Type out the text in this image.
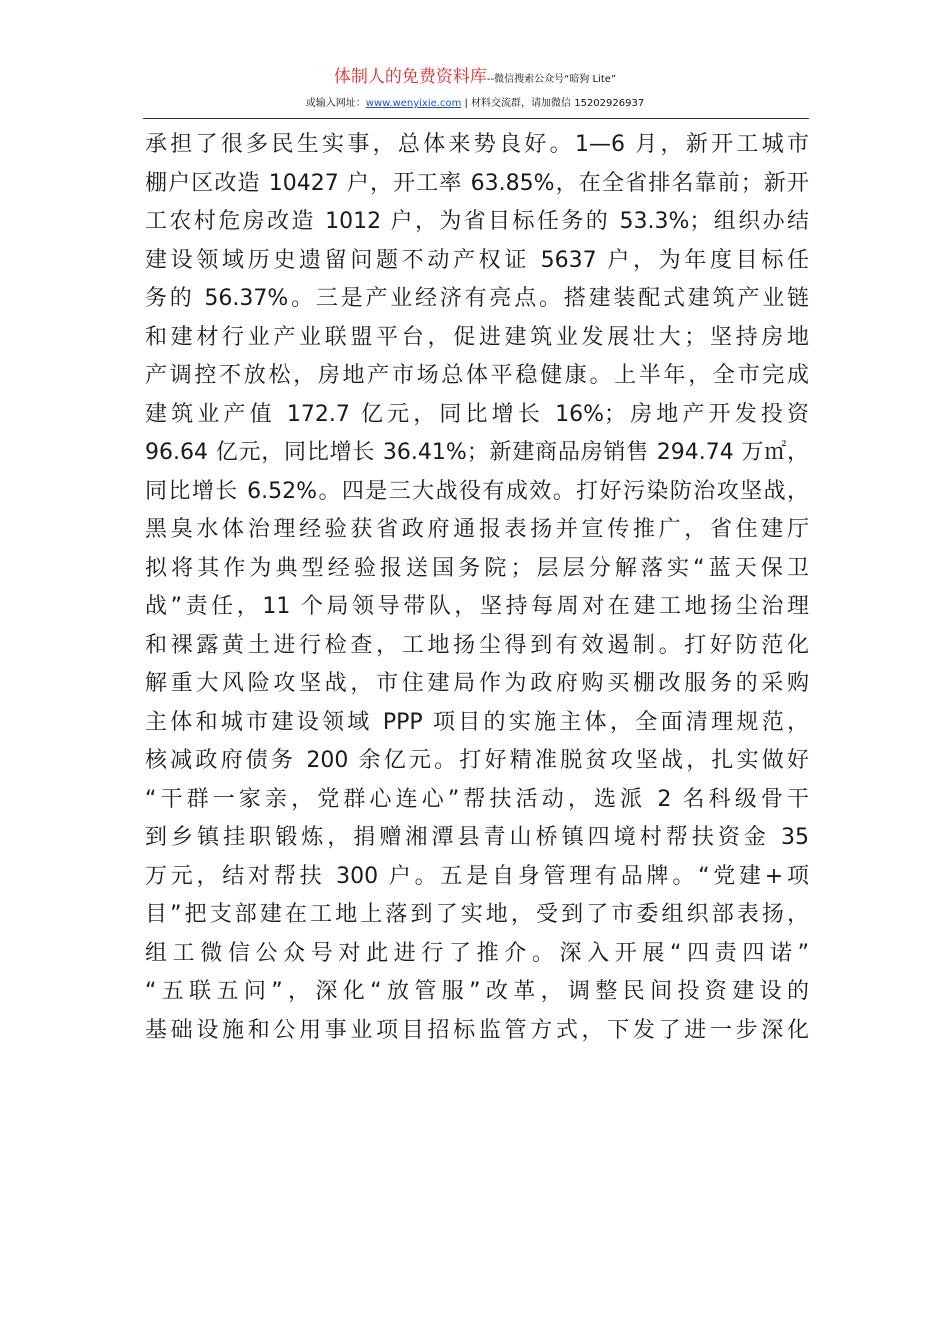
体制人的免费资料库--微信搜索公众号“暗狗 Lite”
或输入网址：www.wenyixie.com | 材料交流群，请加微信 15202926937
承担了很多民生实事，总体来势良好。1—6 月，新开工城市
棚户区改造 10427 户，开工率 63.85%，在全省排名靠前；新开
工农村危房改造 1012 户，为省目标任务的 53.3%；组织办结
建设领域历史遗留问题不动产权证 5637 户，为年度目标任
务的 56.37%。三是产业经济有亮点。搭建装配式建筑产业链
和建材行业产业联盟平台，促进建筑业发展壮大；坚持房地
产调控不放松，房地产市场总体平稳健康。上半年，全市完成
建筑业产值 172.7 亿元，同比增长 16%；房地产开发投资
96.64 亿元，同比增长 36.41%；新建商品房销售 294.74 万㎡，
同比增长 6.52%。四是三大战役有成效。打好污染防治攻坚战，
黑臭水体治理经验获省政府通报表扬并宣传推广，省住建厅
拟将其作为典型经验报送国务院；层层分解落实“蓝天保卫
战”责任，11 个局领导带队，坚持每周对在建工地扬尘治理
和裸露黄土进行检查，工地扬尘得到有效遏制。打好防范化
解重大风险攻坚战，市住建局作为政府购买棚改服务的采购
主体和城市建设领域 PPP 项目的实施主体，全面清理规范，
核减政府债务 200 余亿元。打好精准脱贫攻坚战，扎实做好
“干群一家亲，党群心连心”帮扶活动，选派 2 名科级骨干
到乡镇挂职锻炼，捐赠湘潭县青山桥镇四境村帮扶资金 35
万元，结对帮扶 300 户。五是自身管理有品牌。“党建+项
目”把支部建在工地上落到了实地，受到了市委组织部表扬，
组工微信公众号对此进行了推介。深入开展“四责四诺”
“五联五问”，深化“放管服”改革，调整民间投资建设的
基础设施和公用事业项目招标监管方式，下发了进一步深化
